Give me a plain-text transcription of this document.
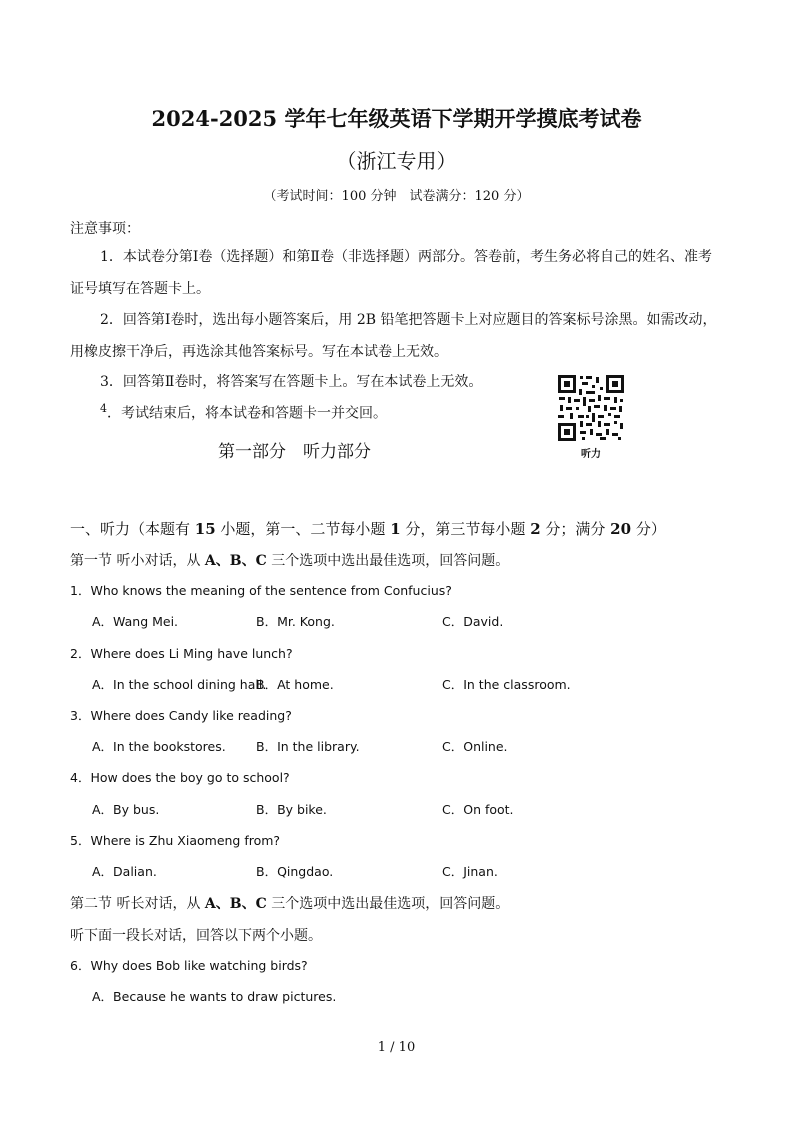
2024-2025 学年七年级英语下学期开学摸底考试卷
（浙江专用）
（考试时间：100 分钟　试卷满分：120 分）
注意事项：
1．本试卷分第Ⅰ卷（选择题）和第Ⅱ卷（非选择题）两部分。答卷前，考生务必将自己的姓名、准考证号填写在答题卡上。
2．回答第Ⅰ卷时，选出每小题答案后，用 2B 铅笔把答题卡上对应题目的答案标号涂黑。如需改动，用橡皮擦干净后，再选涂其他答案标号。写在本试卷上无效。
3．回答第Ⅱ卷时，将答案写在答题卡上。写在本试卷上无效。
$^4$．考试结束后，将本试卷和答题卡一并交回。
第一部分　听力部分	听力
一、听力（本题有 15 小题，第一、二节每小题 1 分，第三节每小题 2 分；满分 20 分）
第一节 听小对话，从 A、B、C 三个选项中选出最佳选项，回答问题。
1．Who knows the meaning of the sentence from Confucius?
A．Wang Mei.	B．Mr. Kong.	C．David.
2．Where does Li Ming have lunch?
A．In the school dining hall.
B．At home.	C．In the classroom.
3．Where does Candy like reading?
A．In the bookstores. B．In the library.	C．Online.
4．How does the boy go to school?
A．By bus.	B．By bike.	C．On foot.
5．Where is Zhu Xiaomeng from?
A．Dalian.	B．Qingdao.	C．Jinan.
第二节 听长对话，从 A、B、C 三个选项中选出最佳选项，回答问题。
听下面一段长对话，回答以下两个小题。
6．Why does Bob like watching birds?
A．Because he wants to draw pictures.
1 / 10
